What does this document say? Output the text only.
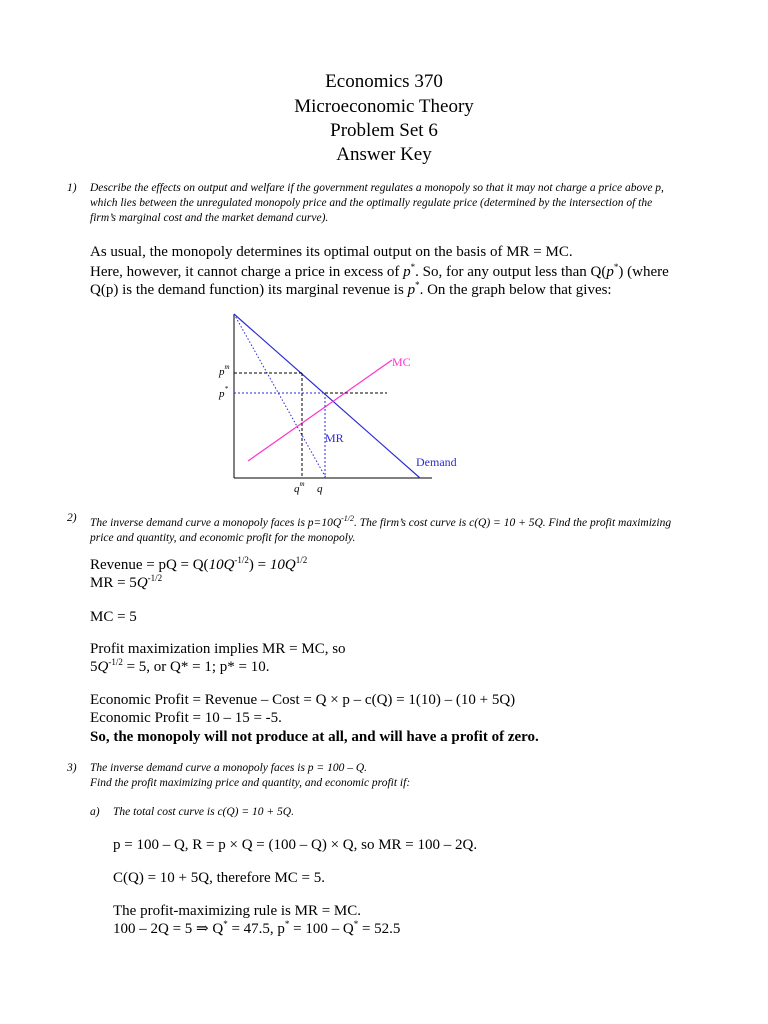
Economics 370
Microeconomic Theory
Problem Set 6
Answer Key
1) Describe the effects on output and welfare if the government regulates a monopoly so that it may not charge a price above p, which lies between the unregulated monopoly price and the optimally regulate price (determined by the intersection of the firm’s marginal cost and the market demand curve).
As usual, the monopoly determines its optimal output on the basis of MR = MC.
Here, however, it cannot charge a price in excess of p*. So, for any output less than Q(p*) (where
Q(p) is the demand function) its marginal revenue is p*. On the graph below that gives:
MC
MR
Demand
$p^m$
p*
$q^m$ q
2) The inverse demand curve a monopoly faces is $p=10Q^{-1/2}$. The firm’s cost curve is c(Q) = 10 + 5Q. Find the profit maximizing price and quantity, and economic profit for the monopoly.
Revenue = pQ = $Q(10Q^{-1/2}) = 10Q^{1/2}$
MR = $5Q^{-1/2}$
MC = 5
Profit maximization implies MR = MC, so
$5Q^{-1/2} = 5$, or Q* = 1; p* = 10.
Economic Profit = Revenue – Cost = Q × p – c(Q) = 1(10) – (10 + 5Q)
Economic Profit = 10 – 15 = -5.
So, the monopoly will not produce at all, and will have a profit of zero.
3) The inverse demand curve a monopoly faces is p = 100 – Q.
Find the profit maximizing price and quantity, and economic profit if:
a) The total cost curve is c(Q) = 10 + 5Q.
p = 100 – Q, R = p × Q = (100 – Q) × Q, so MR = 100 – 2Q.
C(Q) = 10 + 5Q, therefore MC = 5.
The profit-maximizing rule is MR = MC.
100 – 2Q = 5 ⇒ Q* = 47.5, p* = 100 – Q* = 52.5
